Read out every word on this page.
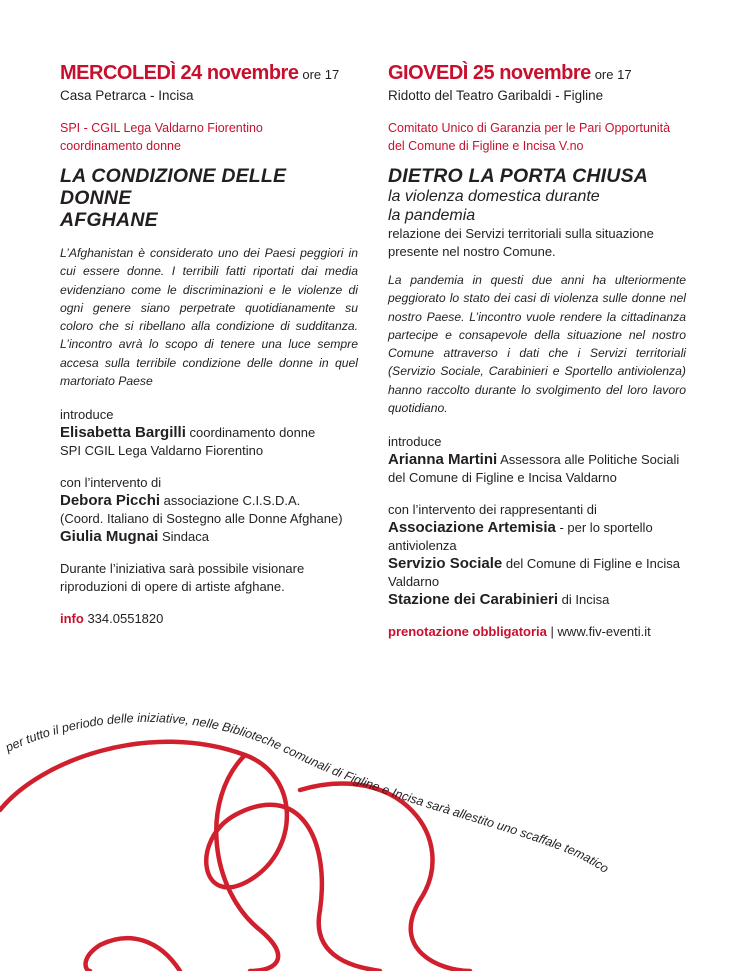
MERCOLEDÌ 24 novembre ore 17
Casa Petrarca - Incisa
SPI - CGIL Lega Valdarno Fiorentino
coordinamento donne
LA CONDIZIONE DELLE DONNE
AFGHANE
L’Afghanistan è considerato uno dei Paesi peggiori in cui essere donne. I terribili fatti riportati dai media evidenziano come le discriminazioni e le violenze di ogni genere siano perpetrate quotidianamente su coloro che si ribellano alla condizione di sudditanza. L’incontro avrà lo scopo di tenere una luce sempre accesa sulla terribile condizione delle donne in quel martoriato Paese
introduce
Elisabetta Bargilli coordinamento donne
SPI CGIL Lega Valdarno Fiorentino
con l’intervento di
Debora Picchi associazione C.I.S.D.A.
(Coord. Italiano di Sostegno alle Donne Afghane)
Giulia Mugnai Sindaca
Durante l’iniziativa sarà possibile visionare riproduzioni di opere di artiste afghane.
info 334.0551820
GIOVEDÌ 25 novembre ore 17
Ridotto del Teatro Garibaldi - Figline
Comitato Unico di Garanzia per le Pari Opportunità
del Comune di Figline e Incisa V.no
DIETRO LA PORTA CHIUSA
la violenza domestica durante
la pandemia
relazione dei Servizi territoriali sulla situazione presente nel nostro Comune.
La pandemia in questi due anni ha ulteriormente peggiorato lo stato dei casi di violenza sulle donne nel nostro Paese. L’incontro vuole rendere la cittadinanza partecipe e consapevole della situazione nel nostro Comune attraverso i dati che i Servizi territoriali (Servizio Sociale, Carabinieri e Sportello antiviolenza) hanno raccolto durante lo svolgimento del loro lavoro quotidiano.
introduce
Arianna Martini Assessora alle Politiche Sociali del Comune di Figline e Incisa Valdarno
con l’intervento dei rappresentanti di
Associazione Artemisia - per lo sportello antiviolenza
Servizio Sociale del Comune di Figline e Incisa Valdarno
Stazione dei Carabinieri di Incisa
prenotazione obbligatoria | www.fiv-eventi.it
per tutto il periodo delle iniziative, nelle Biblioteche comunali di Figline e Incisa sarà allestito uno scaffale tematico
